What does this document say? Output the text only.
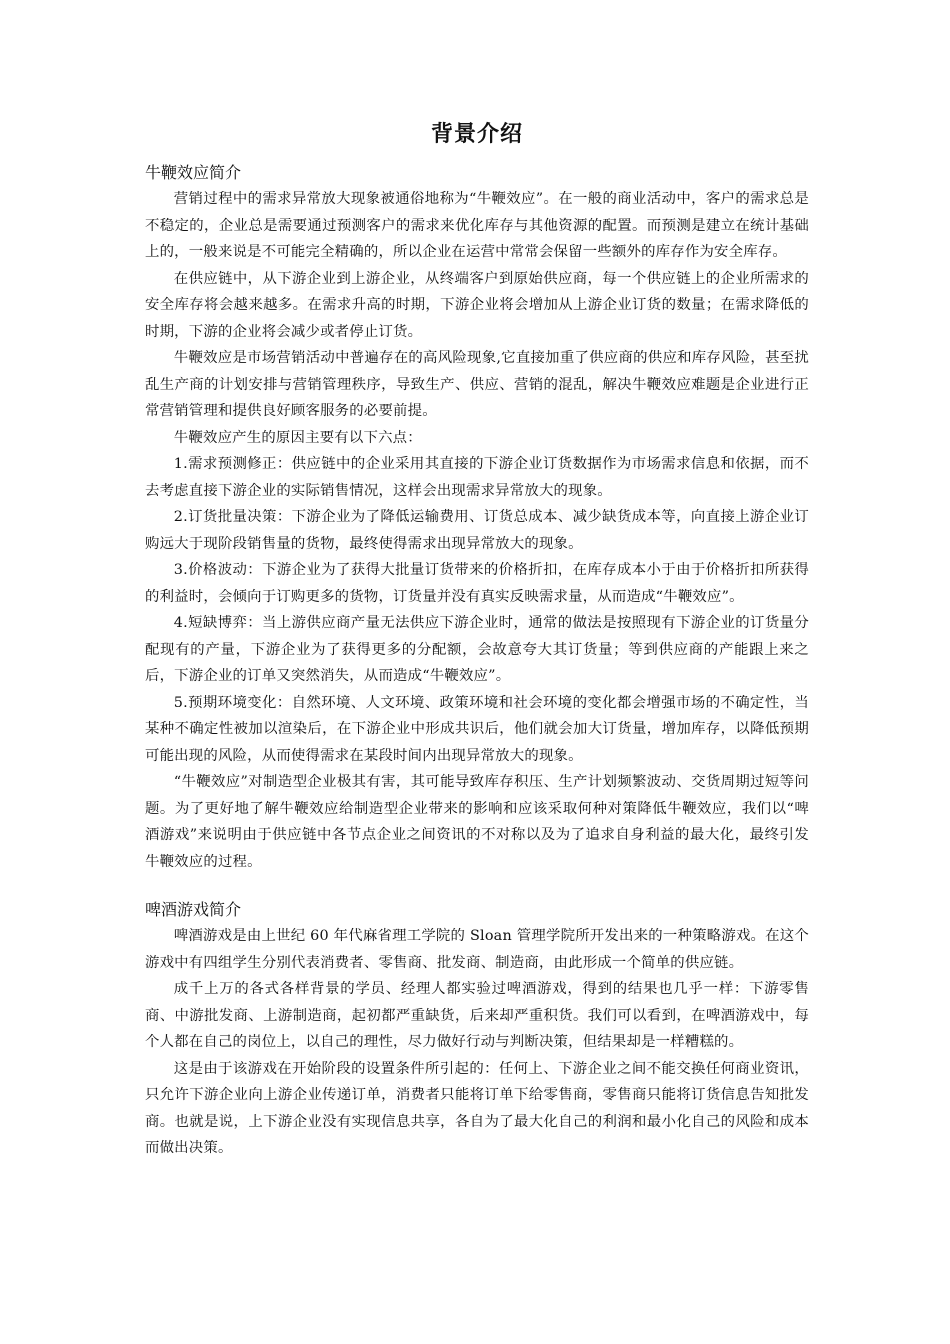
背景介绍
牛鞭效应简介

营销过程中的需求异常放大现象被通俗地称为“牛鞭效应”。在一般的商业活动中，客户的需求总是不稳定的，企业总是需要通过预测客户的需求来优化库存与其他资源的配置。而预测是建立在统计基础上的，一般来说是不可能完全精确的，所以企业在运营中常常会保留一些额外的库存作为安全库存。

在供应链中，从下游企业到上游企业，从终端客户到原始供应商，每一个供应链上的企业所需求的安全库存将会越来越多。在需求升高的时期，下游企业将会增加从上游企业订货的数量；在需求降低的时期，下游的企业将会减少或者停止订货。

牛鞭效应是市场营销活动中普遍存在的高风险现象,它直接加重了供应商的供应和库存风险，甚至扰乱生产商的计划安排与营销管理秩序，导致生产、供应、营销的混乱，解决牛鞭效应难题是企业进行正常营销管理和提供良好顾客服务的必要前提。

牛鞭效应产生的原因主要有以下六点：

1.需求预测修正：供应链中的企业采用其直接的下游企业订货数据作为市场需求信息和依据，而不去考虑直接下游企业的实际销售情况，这样会出现需求异常放大的现象。

2.订货批量决策：下游企业为了降低运输费用、订货总成本、减少缺货成本等，向直接上游企业订购远大于现阶段销售量的货物，最终使得需求出现异常放大的现象。

3.价格波动：下游企业为了获得大批量订货带来的价格折扣，在库存成本小于由于价格折扣所获得的利益时，会倾向于订购更多的货物，订货量并没有真实反映需求量，从而造成“牛鞭效应”。

4.短缺博弈：当上游供应商产量无法供应下游企业时，通常的做法是按照现有下游企业的订货量分配现有的产量，下游企业为了获得更多的分配额，会故意夸大其订货量；等到供应商的产能跟上来之后，下游企业的订单又突然消失，从而造成“牛鞭效应”。

5.预期环境变化：自然环境、人文环境、政策环境和社会环境的变化都会增强市场的不确定性，当某种不确定性被加以渲染后，在下游企业中形成共识后，他们就会加大订货量，增加库存，以降低预期可能出现的风险，从而使得需求在某段时间内出现异常放大的现象。

“牛鞭效应”对制造型企业极其有害，其可能导致库存积压、生产计划频繁波动、交货周期过短等问题。为了更好地了解牛鞭效应给制造型企业带来的影响和应该采取何种对策降低牛鞭效应，我们以“啤酒游戏”来说明由于供应链中各节点企业之间资讯的不对称以及为了追求自身利益的最大化，最终引发牛鞭效应的过程。

啤酒游戏简介

啤酒游戏是由上世纪 60 年代麻省理工学院的 Sloan 管理学院所开发出来的一种策略游戏。在这个游戏中有四组学生分别代表消费者、零售商、批发商、制造商，由此形成一个简单的供应链。

成千上万的各式各样背景的学员、经理人都实验过啤酒游戏，得到的结果也几乎一样：下游零售商、中游批发商、上游制造商，起初都严重缺货，后来却严重积货。我们可以看到，在啤酒游戏中，每个人都在自己的岗位上，以自己的理性，尽力做好行动与判断决策，但结果却是一样糟糕的。

这是由于该游戏在开始阶段的设置条件所引起的：任何上、下游企业之间不能交换任何商业资讯，只允许下游企业向上游企业传递订单，消费者只能将订单下给零售商，零售商只能将订货信息告知批发商。也就是说，上下游企业没有实现信息共享，各自为了最大化自己的利润和最小化自己的风险和成本而做出决策。
